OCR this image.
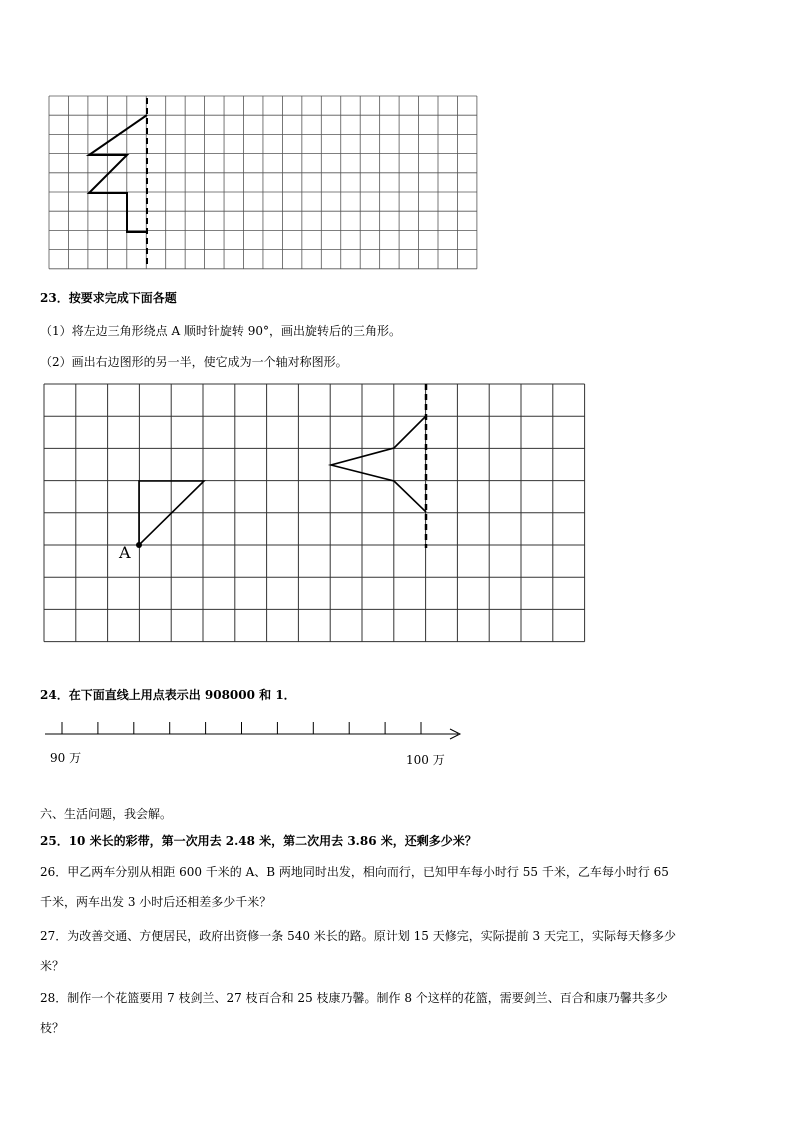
23．按要求完成下面各题
（1）将左边三角形绕点 A 顺时针旋转 90°，画出旋转后的三角形。
（2）画出右边图形的另一半，使它成为一个轴对称图形。
A
24．在下面直线上用点表示出 908000 和 1．
90 万	100 万
六、生活问题，我会解。
25．10 米长的彩带，第一次用去 2.48 米，第二次用去 3.86 米，还剩多少米？
26．甲乙两车分别从相距 600 千米的 A、B 两地同时出发，相向而行，已知甲车每小时行 55 千米，乙车每小时行 65
千米，两车出发 3 小时后还相差多少千米？
27．为改善交通、方便居民，政府出资修一条 540 米长的路。原计划 15 天修完，实际提前 3 天完工，实际每天修多少
米？
28．制作一个花篮要用 7 枝剑兰、27 枝百合和 25 枝康乃馨。制作 8 个这样的花篮，需要剑兰、百合和康乃馨共多少
枝？
